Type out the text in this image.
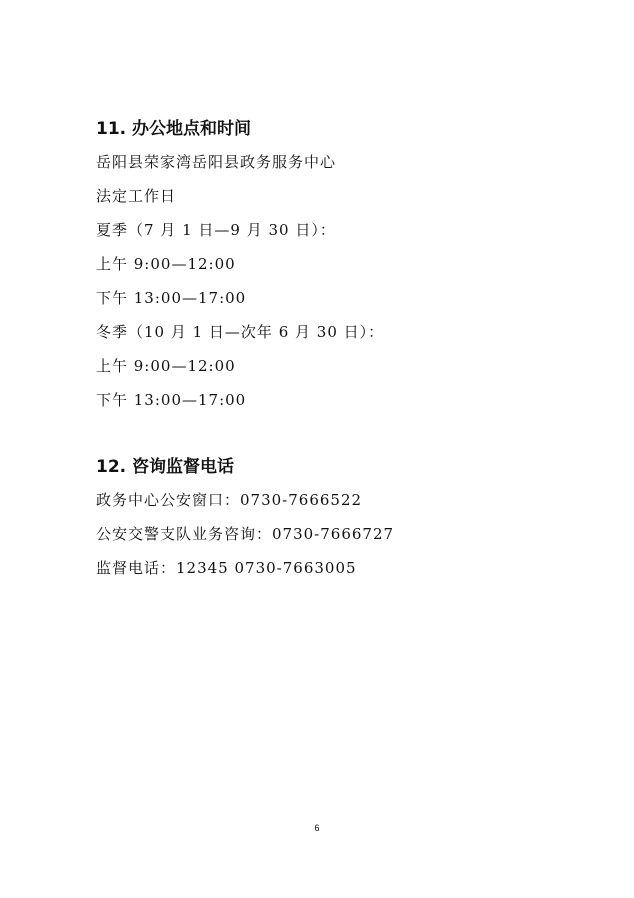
11. 办公地点和时间
岳阳县荣家湾岳阳县政务服务中心
法定工作日
夏季（7 月 1 日—9 月 30 日）：
上午 9:00—12:00
下午 13:00—17:00
冬季（10 月 1 日—次年 6 月 30 日）：
上午 9:00—12:00
下午 13:00—17:00
12. 咨询监督电话
政务中心公安窗口：0730-7666522
公安交警支队业务咨询：0730-7666727
监督电话：12345 0730-7663005
6
